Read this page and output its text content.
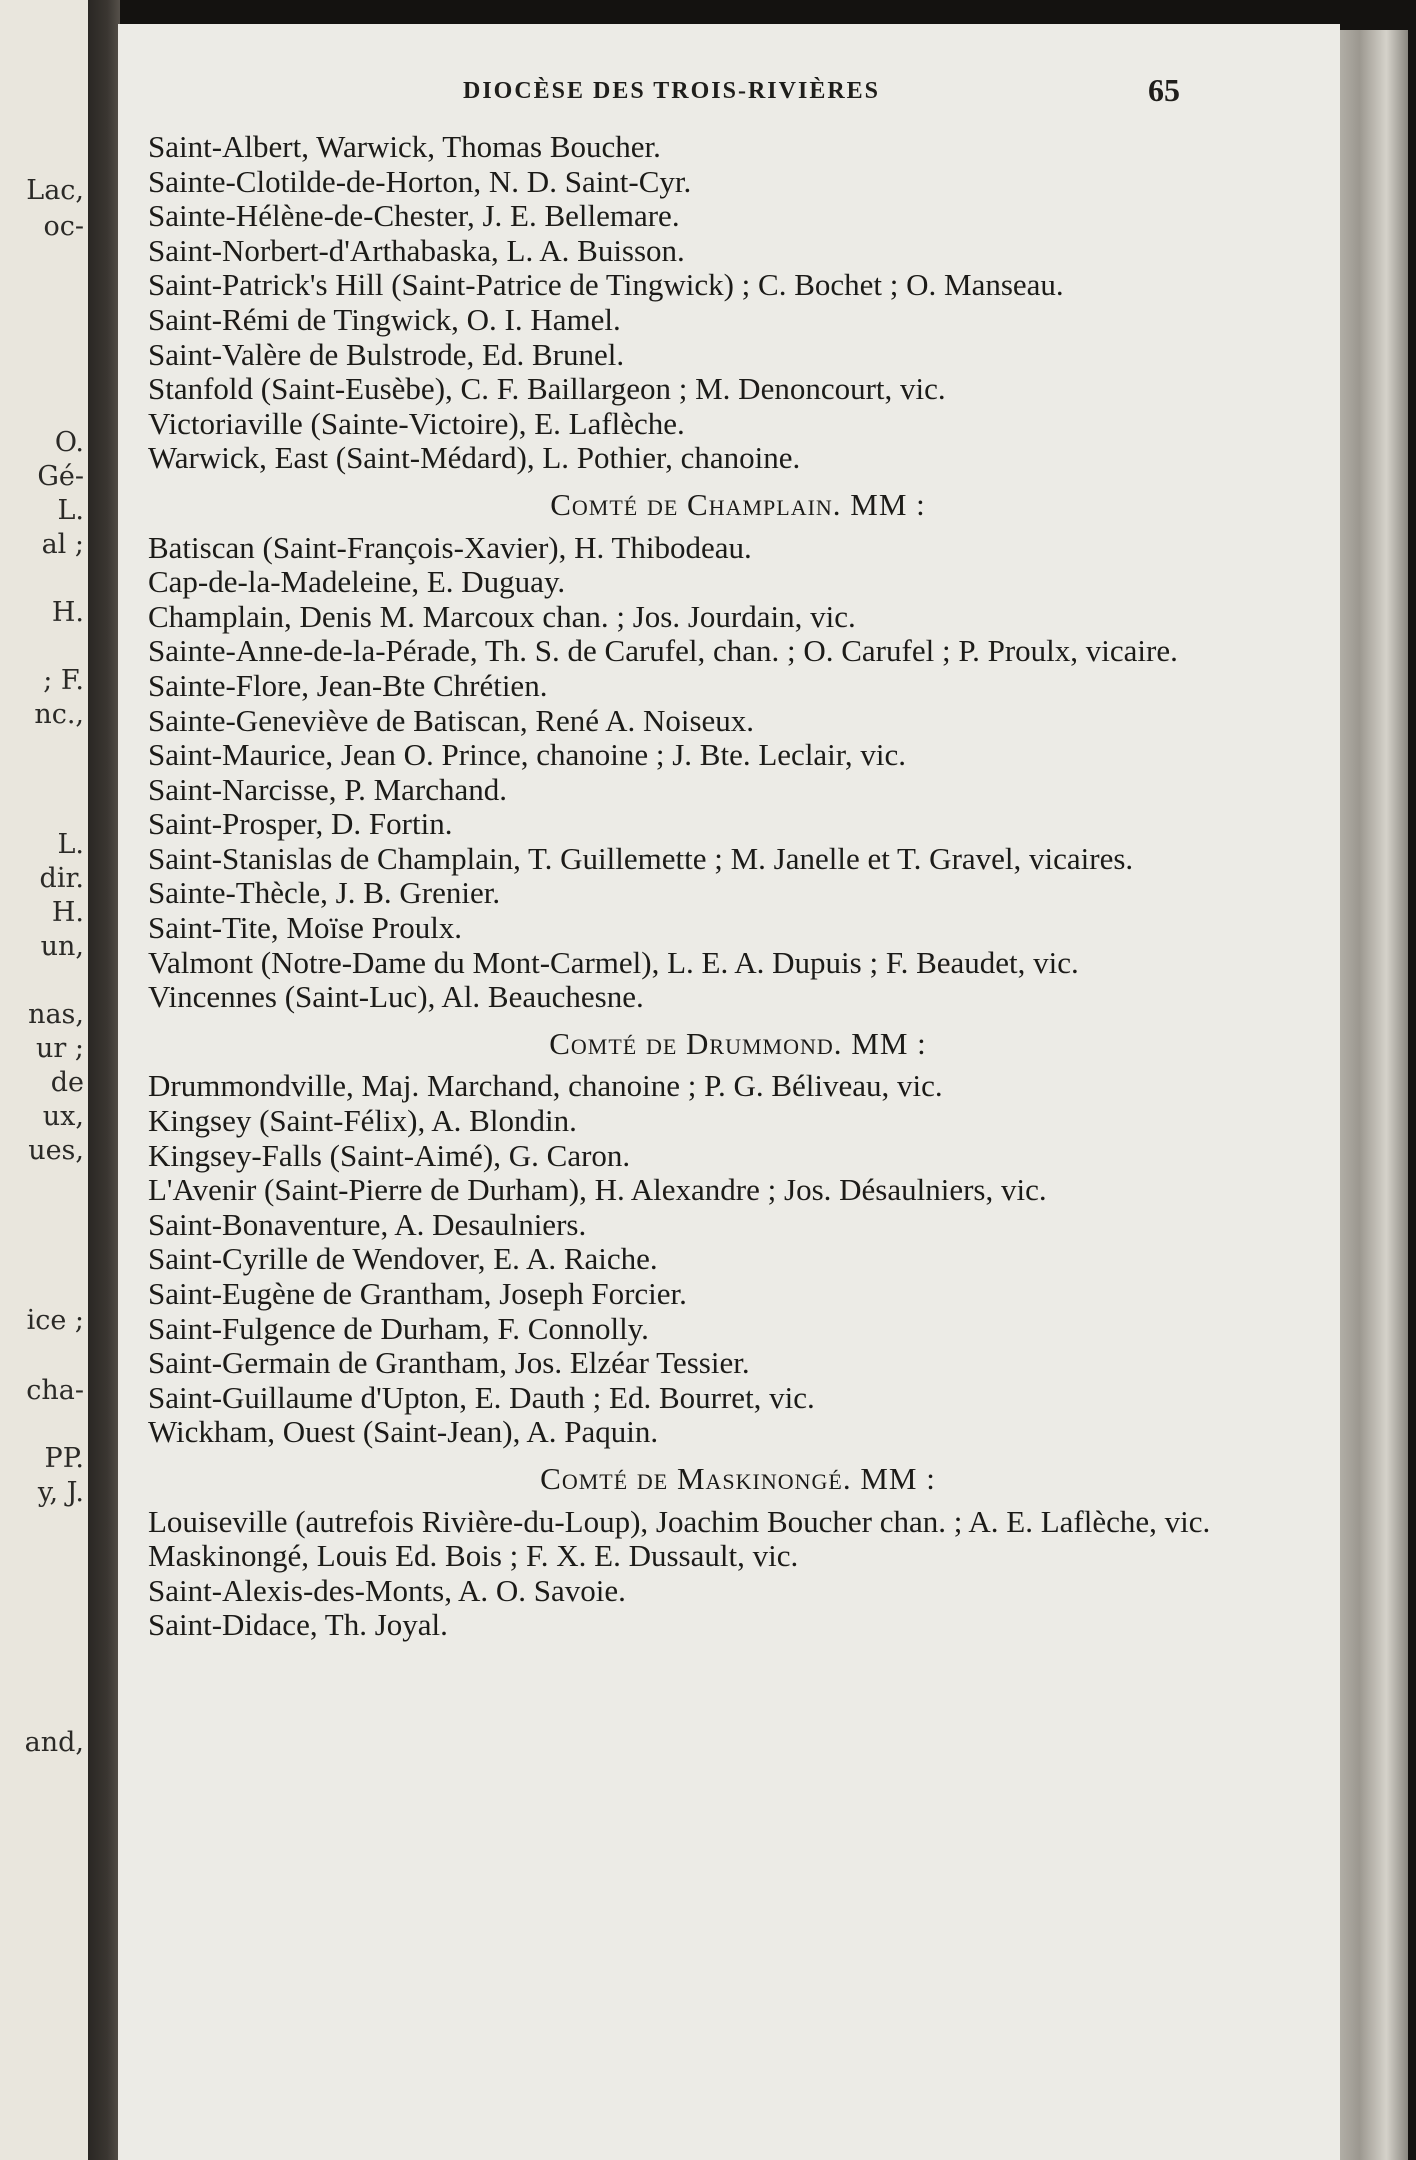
Lac,
oc-
O.
Gé-
L.
al ;
H.
; F.
nc.,
L.
dir.
H.
un,
nas,
ur ;
de
ux,
ues,
ice ;
cha-
PP.
y, J.
and,
DIOCÈSE DES TROIS-RIVIÈRES	65
Saint-Albert, Warwick, Thomas Boucher.
Sainte-Clotilde-de-Horton, N. D. Saint-Cyr.
Sainte-Hélène-de-Chester, J. E. Bellemare.
Saint-Norbert-d'Arthabaska, L. A. Buisson.
Saint-Patrick's Hill (Saint-Patrice de Tingwick) ; C. Bochet ; O. Manseau.
Saint-Rémi de Tingwick, O. I. Hamel.
Saint-Valère de Bulstrode, Ed. Brunel.
Stanfold (Saint-Eusèbe), C. F. Baillargeon ; M. Denoncourt, vic.
Victoriaville (Sainte-Victoire), E. Laflèche.
Warwick, East (Saint-Médard), L. Pothier, chanoine.
Comté de Champlain. MM :
Batiscan (Saint-François-Xavier), H. Thibodeau.
Cap-de-la-Madeleine, E. Duguay.
Champlain, Denis M. Marcoux chan. ; Jos. Jourdain, vic.
Sainte-Anne-de-la-Pérade, Th. S. de Carufel, chan. ; O. Carufel ; P. Proulx, vicaire.
Sainte-Flore, Jean-Bte Chrétien.
Sainte-Geneviève de Batiscan, René A. Noiseux.
Saint-Maurice, Jean O. Prince, chanoine ; J. Bte. Leclair, vic.
Saint-Narcisse, P. Marchand.
Saint-Prosper, D. Fortin.
Saint-Stanislas de Champlain, T. Guillemette ; M. Janelle et T. Gravel, vicaires.
Sainte-Thècle, J. B. Grenier.
Saint-Tite, Moïse Proulx.
Valmont (Notre-Dame du Mont-Carmel), L. E. A. Dupuis ; F. Beaudet, vic.
Vincennes (Saint-Luc), Al. Beauchesne.
Comté de Drummond. MM :
Drummondville, Maj. Marchand, chanoine ; P. G. Béliveau, vic.
Kingsey (Saint-Félix), A. Blondin.
Kingsey-Falls (Saint-Aimé), G. Caron.
L'Avenir (Saint-Pierre de Durham), H. Alexandre ; Jos. Désaulniers, vic.
Saint-Bonaventure, A. Desaulniers.
Saint-Cyrille de Wendover, E. A. Raiche.
Saint-Eugène de Grantham, Joseph Forcier.
Saint-Fulgence de Durham, F. Connolly.
Saint-Germain de Grantham, Jos. Elzéar Tessier.
Saint-Guillaume d'Upton, E. Dauth ; Ed. Bourret, vic.
Wickham, Ouest (Saint-Jean), A. Paquin.
Comté de Maskinongé. MM :
Louiseville (autrefois Rivière-du-Loup), Joachim Boucher chan. ; A. E. Laflèche, vic.
Maskinongé, Louis Ed. Bois ; F. X. E. Dussault, vic.
Saint-Alexis-des-Monts, A. O. Savoie.
Saint-Didace, Th. Joyal.
